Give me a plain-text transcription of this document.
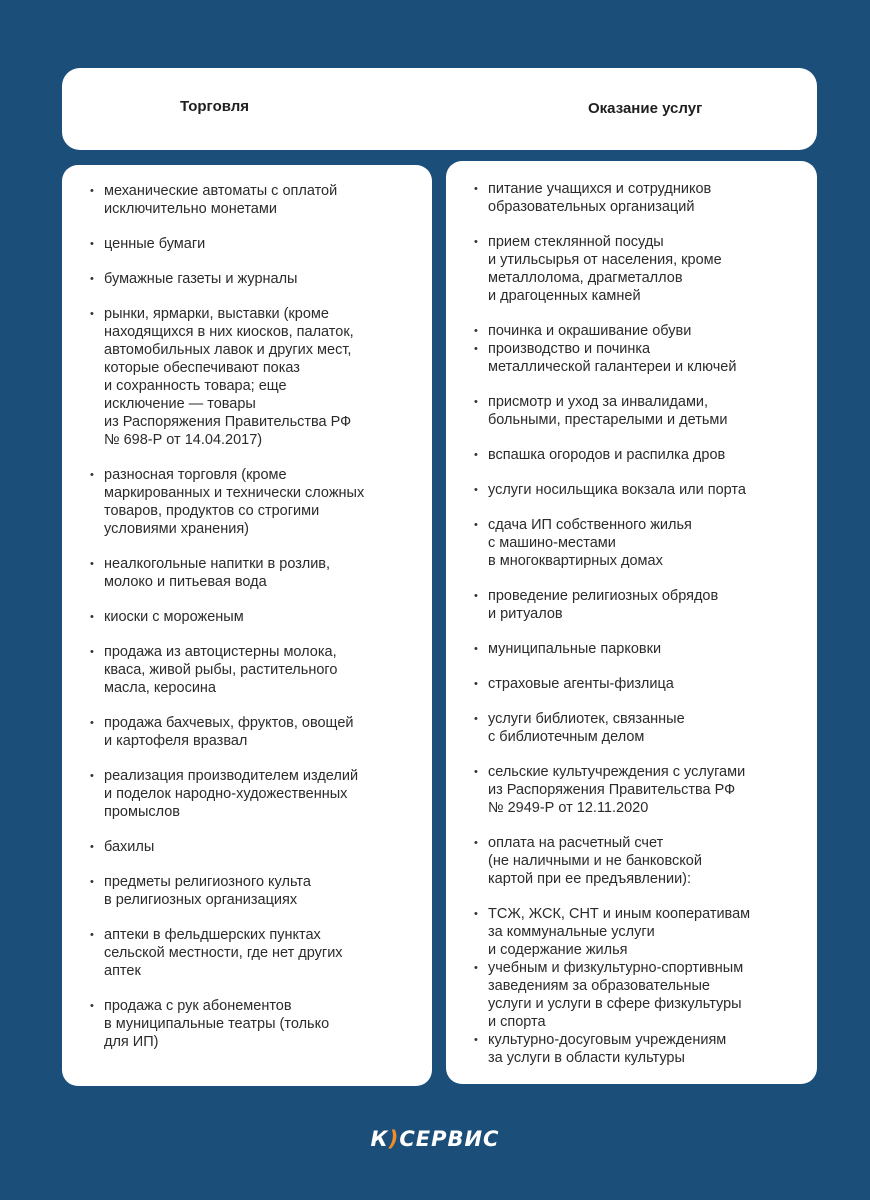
Торговля	Оказание услуг
• механические автоматы с оплатой
исключительно монетами
• ценные бумаги
• бумажные газеты и журналы
• рынки, ярмарки, выставки (кроме
находящихся в них киосков, палаток,
автомобильных лавок и других мест,
которые обеспечивают показ
и сохранность товара; еще
исключение — товары
из Распоряжения Правительства РФ
№ 698-Р от 14.04.2017)
• разносная торговля (кроме
маркированных и технически сложных
товаров, продуктов со строгими
условиями хранения)
• неалкогольные напитки в розлив,
молоко и питьевая вода
• киоски с мороженым
• продажа из автоцистерны молока,
кваса, живой рыбы, растительного
масла, керосина
• продажа бахчевых, фруктов, овощей
и картофеля вразвал
• реализация производителем изделий
и поделок народно-художественных
промыслов
• бахилы
• предметы религиозного культа
в религиозных организациях
• аптеки в фельдшерских пунктах
сельской местности, где нет других
аптек
• продажа с рук абонементов
в муниципальные театры (только
для ИП)
• питание учащихся и сотрудников
образовательных организаций
• прием стеклянной посуды
и утильсырья от населения, кроме
металлолома, драгметаллов
и драгоценных камней
• починка и окрашивание обуви
• производство и починка
металлической галантереи и ключей
• присмотр и уход за инвалидами,
больными, престарелыми и детьми
• вспашка огородов и распилка дров
• услуги носильщика вокзала или порта
• сдача ИП собственного жилья
с машино-местами
в многоквартирных домах
• проведение религиозных обрядов
и ритуалов
• муниципальные парковки
• страховые агенты-физлица
• услуги библиотек, связанные
с библиотечным делом
• сельские культучреждения с услугами
из Распоряжения Правительства РФ
№ 2949-Р от 12.11.2020
• оплата на расчетный счет
(не наличными и не банковской
картой при ее предъявлении):
• ТСЖ, ЖСК, СНТ и иным кооперативам
за коммунальные услуги
и содержание жилья
• учебным и физкультурно-спортивным
заведениям за образовательные
услуги и услуги в сфере физкультуры
и спорта
• культурно-досуговым учреждениям
за услуги в области культуры
К)СЕРВИС
